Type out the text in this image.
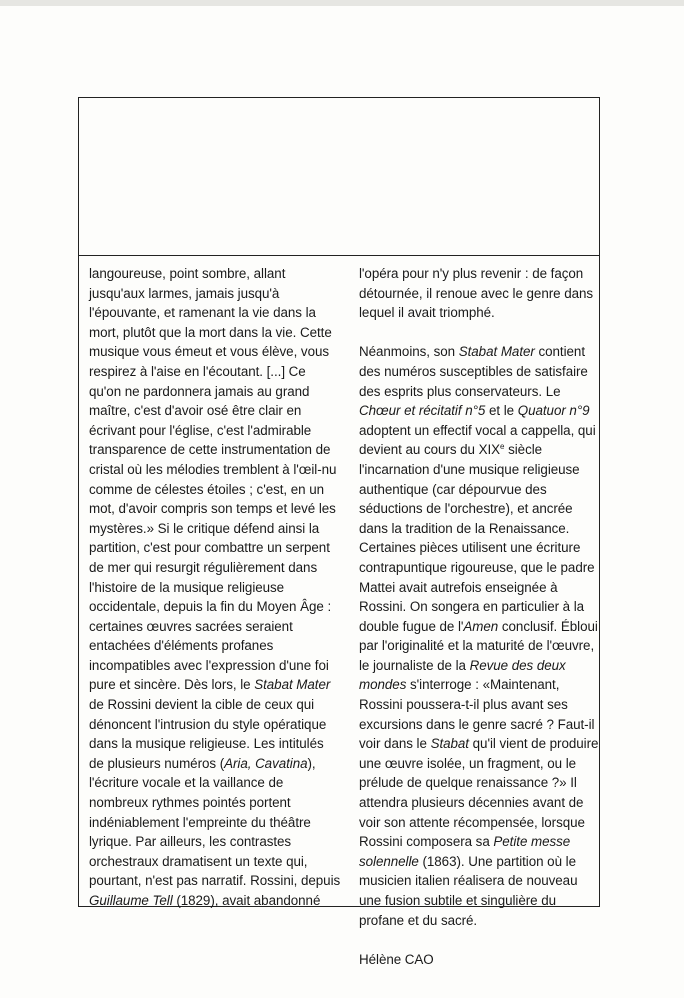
langoureuse, point sombre, allant jusqu'aux larmes, jamais jusqu'à l'épouvante, et ramenant la vie dans la mort, plutôt que la mort dans la vie. Cette musique vous émeut et vous élève, vous respirez à l'aise en l'écoutant. [...] Ce qu'on ne pardonnera jamais au grand maître, c'est d'avoir osé être clair en écrivant pour l'église, c'est l'admirable transparence de cette instrumentation de cristal où les mélodies tremblent à l'œil-nu comme de célestes étoiles ; c'est, en un mot, d'avoir compris son temps et levé les mystères.» Si le critique défend ainsi la partition, c'est pour combattre un serpent de mer qui resurgit régulièrement dans l'histoire de la musique religieuse occidentale, depuis la fin du Moyen Âge : certaines œuvres sacrées seraient entachées d'éléments profanes incompatibles avec l'expression d'une foi pure et sincère. Dès lors, le Stabat Mater de Rossini devient la cible de ceux qui dénoncent l'intrusion du style opératique dans la musique religieuse. Les intitulés de plusieurs numéros (Aria, Cavatina), l'écriture vocale et la vaillance de nombreux rythmes pointés portent indéniablement l'empreinte du théâtre lyrique. Par ailleurs, les contrastes orchestraux dramatisent un texte qui, pourtant, n'est pas narratif. Rossini, depuis Guillaume Tell (1829), avait abandonné

l'opéra pour n'y plus revenir : de façon détournée, il renoue avec le genre dans lequel il avait triomphé.

Néanmoins, son Stabat Mater contient des numéros susceptibles de satisfaire des esprits plus conservateurs. Le Chœur et récitatif n°5 et le Quatuor n°9 adoptent un effectif vocal a cappella, qui devient au cours du XIXe siècle l'incarnation d'une musique religieuse authentique (car dépourvue des séductions de l'orchestre), et ancrée dans la tradition de la Renaissance. Certaines pièces utilisent une écriture contrapuntique rigoureuse, que le padre Mattei avait autrefois enseignée à Rossini. On songera en particulier à la double fugue de l'Amen conclusif. Ébloui par l'originalité et la maturité de l'œuvre, le journaliste de la Revue des deux mondes s'interroge : «Maintenant, Rossini poussera-t-il plus avant ses excursions dans le genre sacré ? Faut-il voir dans le Stabat qu'il vient de produire une œuvre isolée, un fragment, ou le prélude de quelque renaissance ?» Il attendra plusieurs décennies avant de voir son attente récompensée, lorsque Rossini composera sa Petite messe solennelle (1863). Une partition où le musicien italien réalisera de nouveau une fusion subtile et singulière du profane et du sacré.

Hélène CAO
